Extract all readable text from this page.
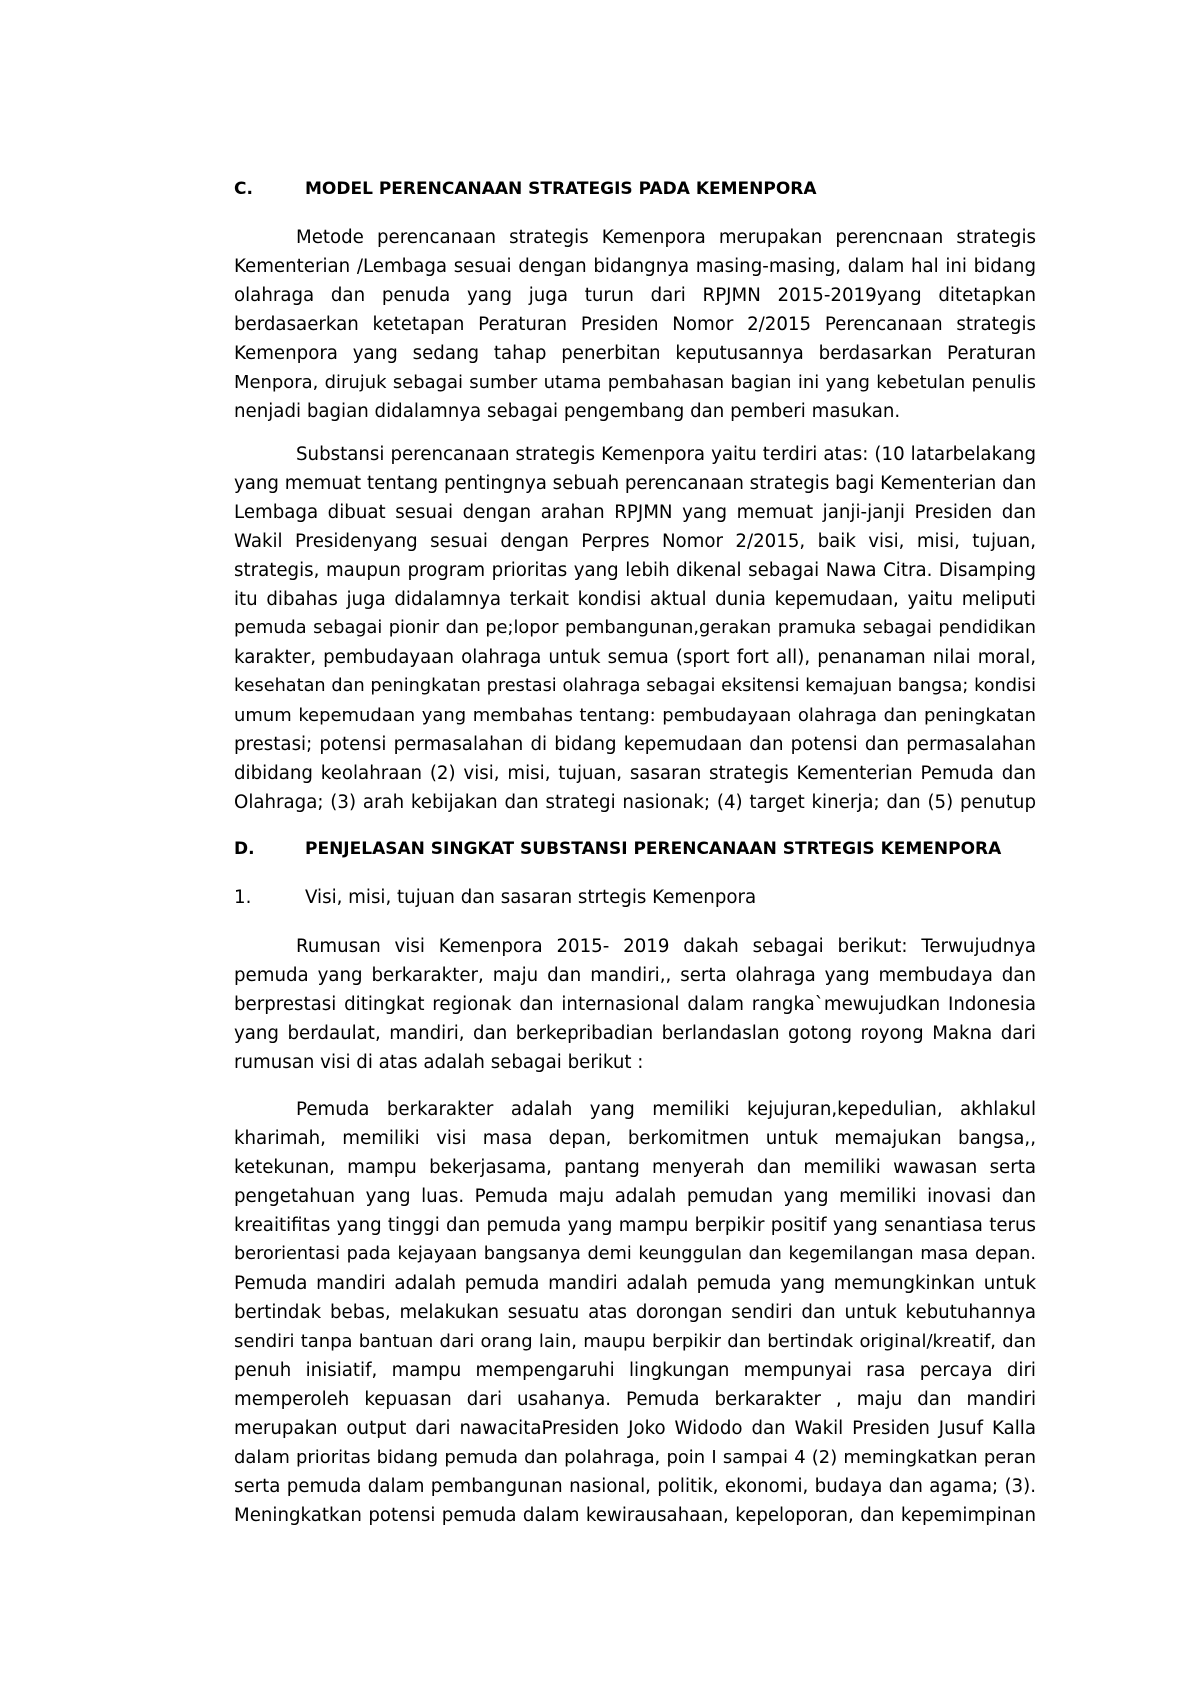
C.	MODEL PERENCANAAN STRATEGIS PADA KEMENPORA
Metode perencanaan strategis Kemenpora merupakan perencnaan strategis
Kementerian /Lembaga sesuai dengan bidangnya masing-masing, dalam hal ini bidang
olahraga dan penuda yang juga turun dari RPJMN 2015-2019yang ditetapkan
berdasaerkan ketetapan Peraturan Presiden Nomor 2/2015 Perencanaan strategis
Kemenpora yang sedang tahap penerbitan keputusannya berdasarkan Peraturan
Menpora, dirujuk sebagai sumber utama pembahasan bagian ini yang kebetulan penulis
nenjadi bagian didalamnya sebagai pengembang dan pemberi masukan.
Substansi perencanaan strategis Kemenpora yaitu terdiri atas: (10 latarbelakang
yang memuat tentang pentingnya sebuah perencanaan strategis bagi Kementerian dan
Lembaga dibuat sesuai dengan arahan RPJMN yang memuat janji-janji Presiden dan
Wakil Presidenyang sesuai dengan Perpres Nomor 2/2015, baik visi, misi, tujuan,
strategis, maupun program prioritas yang lebih dikenal sebagai Nawa Citra. Disamping
itu dibahas juga didalamnya terkait kondisi aktual dunia kepemudaan, yaitu meliputi
pemuda sebagai pionir dan pe;lopor pembangunan,gerakan pramuka sebagai pendidikan
karakter, pembudayaan olahraga untuk semua (sport fort all), penanaman nilai moral,
kesehatan dan peningkatan prestasi olahraga sebagai eksitensi kemajuan bangsa; kondisi
umum kepemudaan yang membahas tentang: pembudayaan olahraga dan peningkatan
prestasi; potensi permasalahan di bidang kepemudaan dan potensi dan permasalahan
dibidang keolahraan (2) visi, misi, tujuan, sasaran strategis Kementerian Pemuda dan
Olahraga; (3) arah kebijakan dan strategi nasionak; (4) target kinerja; dan (5) penutup
D.	PENJELASAN SINGKAT SUBSTANSI PERENCANAAN STRTEGIS KEMENPORA
1.	Visi, misi, tujuan dan sasaran strtegis Kemenpora
Rumusan visi Kemenpora 2015- 2019 dakah sebagai berikut: Terwujudnya
pemuda yang berkarakter, maju dan mandiri,, serta olahraga yang membudaya dan
berprestasi ditingkat regionak dan internasional dalam rangka`mewujudkan Indonesia
yang berdaulat, mandiri, dan berkepribadian berlandaslan gotong royong Makna dari
rumusan visi di atas adalah sebagai berikut :
Pemuda berkarakter adalah yang memiliki kejujuran,kepedulian, akhlakul
kharimah, memiliki visi masa depan, berkomitmen untuk memajukan bangsa,,
ketekunan, mampu bekerjasama, pantang menyerah dan memiliki wawasan serta
pengetahuan yang luas. Pemuda maju adalah pemudan yang memiliki inovasi dan
kreaitifitas yang tinggi dan pemuda yang mampu berpikir positif yang senantiasa terus
berorientasi pada kejayaan bangsanya demi keunggulan dan kegemilangan masa depan.
Pemuda mandiri adalah pemuda mandiri adalah pemuda yang memungkinkan untuk
bertindak bebas, melakukan sesuatu atas dorongan sendiri dan untuk kebutuhannya
sendiri tanpa bantuan dari orang lain, maupu berpikir dan bertindak original/kreatif, dan
penuh inisiatif, mampu mempengaruhi lingkungan mempunyai rasa percaya diri
memperoleh kepuasan dari usahanya. Pemuda berkarakter , maju dan mandiri
merupakan output dari nawacitaPresiden Joko Widodo dan Wakil Presiden Jusuf Kalla
dalam prioritas bidang pemuda dan polahraga, poin I sampai 4 (2) memingkatkan peran
serta pemuda dalam pembangunan nasional, politik, ekonomi, budaya dan agama; (3).
Meningkatkan potensi pemuda dalam kewirausahaan, kepeloporan, dan kepemimpinan
